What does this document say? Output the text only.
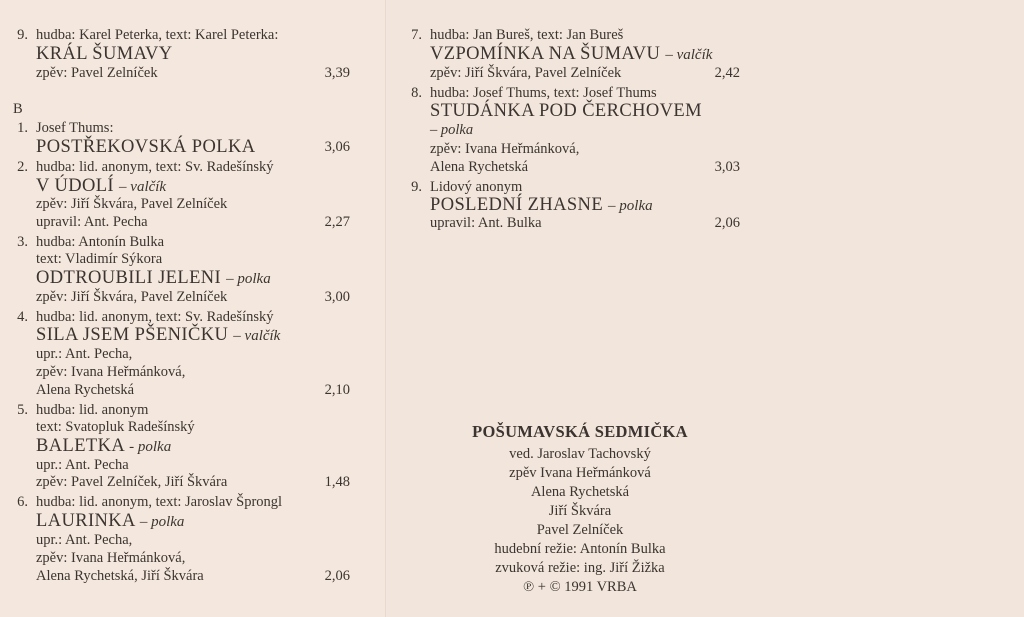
9. hudba: Karel Peterka, text: Karel Peterka:
KRÁL ŠUMAVY
zpěv: Pavel Zelníček	3,39
B
1. Josef Thums:
POSTŘEKOVSKÁ POLKA	3,06
2. hudba: lid. anonym, text: Sv. Radešínský
V ÚDOLÍ – valčík
zpěv: Jiří Škvára, Pavel Zelníček
upravil: Ant. Pecha	2,27
3. hudba: Antonín Bulka
text: Vladimír Sýkora
ODTROUBILI JELENI – polka
zpěv: Jiří Škvára, Pavel Zelníček	3,00
4. hudba: lid. anonym, text: Sv. Radešínský
SILA JSEM PŠENIČKU – valčík
upr.: Ant. Pecha,
zpěv: Ivana Heřmánková,
Alena Rychetská	2,10
5. hudba: lid. anonym
text: Svatopluk Radešínský
BALETKA - polka
upr.: Ant. Pecha
zpěv: Pavel Zelníček, Jiří Škvára	1,48
6. hudba: lid. anonym, text: Jaroslav Šprongl
LAURINKA – polka
upr.: Ant. Pecha,
zpěv: Ivana Heřmánková,
Alena Rychetská, Jiří Škvára	2,06
7. hudba: Jan Bureš, text: Jan Bureš
VZPOMÍNKA NA ŠUMAVU – valčík
zpěv: Jiří Škvára, Pavel Zelníček	2,42
8. hudba: Josef Thums, text: Josef Thums
STUDÁNKA POD ČERCHOVEM
– polka
zpěv: Ivana Heřmánková,
Alena Rychetská	3,03
9. Lidový anonym
POSLEDNÍ ZHASNE – polka
upravil: Ant. Bulka	2,06
POŠUMAVSKÁ SEDMIČKA
ved. Jaroslav Tachovský
zpěv Ivana Heřmánková
Alena Rychetská
Jiří Škvára
Pavel Zelníček
hudební režie: Antonín Bulka
zvuková režie: ing. Jiří Žižka
℗ + © 1991 VRBA
